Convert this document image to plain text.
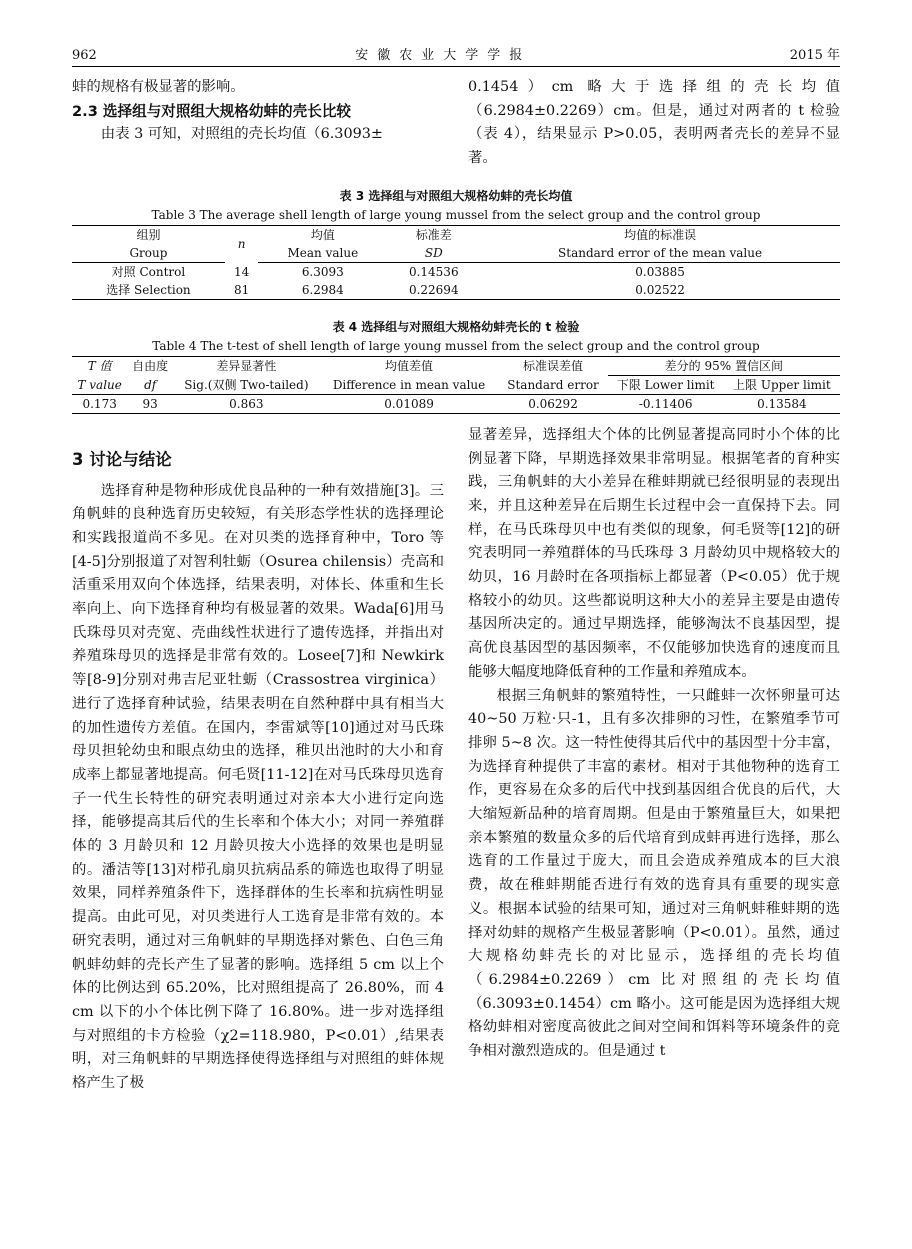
962	安徽农业大学学报	2015 年

蚌的规格有极显著的影响。

2.3 选择组与对照组大规格幼蚌的壳长比较

由表 3 可知，对照组的壳长均值（6.3093±

0.1454）cm 略大于选择组的壳长均值（6.2984±0.2269）cm。但是，通过对两者的 t 检验（表 4），结果显示 P>0.05，表明两者壳长的差异不显著。

表 3 选择组与对照组大规格幼蚌的壳长均值
Table 3 The average shell length of large young mussel from the select group and the control group
组别	n	均值	标准差	均值的标准误
Group		Mean value	SD	Standard error of the mean value
对照 Control	14	6.3093	0.14536	0.03885
选择 Selection	81	6.2984	0.22694	0.02522
表 4 选择组与对照组大规格幼蚌壳长的 t 检验
Table 4 The t-test of shell length of large young mussel from the select group and the control group
T 值	自由度	差异显著性	均值差值	标准误差值	差分的 95% 置信区间	
T value	df	Sig.(双侧 Two-tailed)	Difference in mean value	Standard error	下限 Lower limit	上限 Upper limit
0.173	93	0.863	0.01089	0.06292	-0.11406	0.13584
3 讨论与结论

选择育种是物种形成优良品种的一种有效措施[3]。三角帆蚌的良种选育历史较短，有关形态学性状的选择理论和实践报道尚不多见。在对贝类的选择育种中，Toro 等[4-5]分别报道了对智利牡蛎（Osurea chilensis）壳高和活重采用双向个体选择，结果表明，对体长、体重和生长率向上、向下选择育种均有极显著的效果。Wada[6]用马氏珠母贝对壳宽、壳曲线性状进行了遗传选择，并指出对养殖珠母贝的选择是非常有效的。Losee[7]和 Newkirk 等[8-9]分别对弗吉尼亚牡蛎（Crassostrea virginica）进行了选择育种试验，结果表明在自然种群中具有相当大的加性遗传方差值。在国内，李雷斌等[10]通过对马氏珠母贝担轮幼虫和眼点幼虫的选择，稚贝出池时的大小和育成率上都显著地提高。何毛贤[11-12]在对马氏珠母贝选育子一代生长特性的研究表明通过对亲本大小进行定向选择，能够提高其后代的生长率和个体大小；对同一养殖群体的 3 月龄贝和 12 月龄贝按大小选择的效果也是明显的。潘洁等[13]对栉孔扇贝抗病品系的筛选也取得了明显效果，同样养殖条件下，选择群体的生长率和抗病性明显提高。由此可见，对贝类进行人工选育是非常有效的。本研究表明，通过对三角帆蚌的早期选择对紫色、白色三角帆蚌幼蚌的壳长产生了显著的影响。选择组 5 cm 以上个体的比例达到 65.20%，比对照组提高了 26.80%，而 4 cm 以下的小个体比例下降了 16.80%。进一步对选择组与对照组的卡方检验（χ2=118.980，P<0.01）,结果表明，对三角帆蚌的早期选择使得选择组与对照组的蚌体规格产生了极

显著差异，选择组大个体的比例显著提高同时小个体的比例显著下降，早期选择效果非常明显。根据笔者的育种实践，三角帆蚌的大小差异在稚蚌期就已经很明显的表现出来，并且这种差异在后期生长过程中会一直保持下去。同样，在马氏珠母贝中也有类似的现象，何毛贤等[12]的研究表明同一养殖群体的马氏珠母 3 月龄幼贝中规格较大的幼贝，16 月龄时在各项指标上都显著（P<0.05）优于规格较小的幼贝。这些都说明这种大小的差异主要是由遗传基因所决定的。通过早期选择，能够淘汰不良基因型，提高优良基因型的基因频率，不仅能够加快选育的速度而且能够大幅度地降低育种的工作量和养殖成本。

根据三角帆蚌的繁殖特性，一只雌蚌一次怀卵量可达 40~50 万粒·只-1，且有多次排卵的习性，在繁殖季节可排卵 5~8 次。这一特性使得其后代中的基因型十分丰富，为选择育种提供了丰富的素材。相对于其他物种的选育工作，更容易在众多的后代中找到基因组合优良的后代，大大缩短新品种的培育周期。但是由于繁殖量巨大，如果把亲本繁殖的数量众多的后代培育到成蚌再进行选择，那么选育的工作量过于庞大，而且会造成养殖成本的巨大浪费，故在稚蚌期能否进行有效的选育具有重要的现实意义。根据本试验的结果可知，通过对三角帆蚌稚蚌期的选择对幼蚌的规格产生极显著影响（P<0.01）。虽然，通过大规格幼蚌壳长的对比显示，选择组的壳长均值（6.2984±0.2269）cm 比对照组的壳长均值（6.3093±0.1454）cm 略小。这可能是因为选择组大规格幼蚌相对密度高彼此之间对空间和饵料等环境条件的竞争相对激烈造成的。但是通过 t
